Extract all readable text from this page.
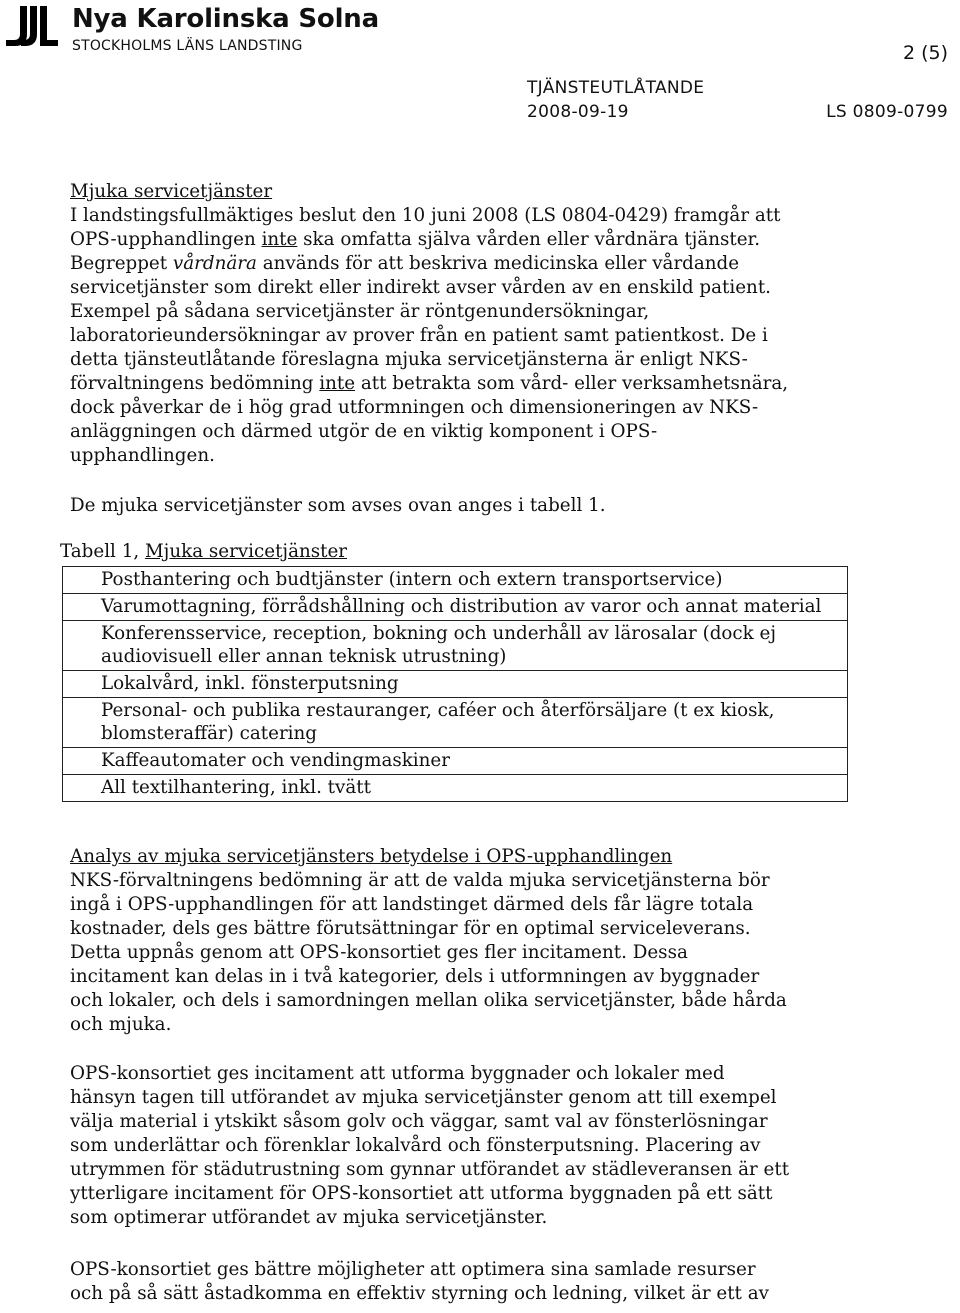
Nya Karolinska Solna
STOCKHOLMS LÄNS LANDSTING	2 (5)
TJÄNSTEUTLÅTANDE
2008-09-19	LS 0809-0799
Mjuka servicetjänster

I landstingsfullmäktiges beslut den 10 juni 2008 (LS 0804-0429) framgår att OPS-upphandlingen inte ska omfatta själva vården eller vårdnära tjänster. Begreppet vårdnära används för att beskriva medicinska eller vårdande servicetjänster som direkt eller indirekt avser vården av en enskild patient. Exempel på sådana servicetjänster är röntgenundersökningar, laboratorieundersökningar av prover från en patient samt patientkost. De i detta tjänsteutlåtande föreslagna mjuka servicetjänsterna är enligt NKS-förvaltningens bedömning inte att betrakta som vård- eller verksamhetsnära, dock påverkar de i hög grad utformningen och dimensioneringen av NKS-anläggningen och därmed utgör de en viktig komponent i OPS-upphandlingen.

De mjuka servicetjänster som avses ovan anges i tabell 1.

Tabell 1, Mjuka servicetjänster
Posthantering och budtjänster (intern och extern transportservice)
Varumottagning, förrådshållning och distribution av varor och annat material
Konferensservice, reception, bokning och underhåll av lärosalar (dock ej audiovisuell eller annan teknisk utrustning)
Lokalvård, inkl. fönsterputsning
Personal- och publika restauranger, caféer och återförsäljare (t ex kiosk, blomsteraffär) catering
Kaffeautomater och vendingmaskiner
All textilhantering, inkl. tvätt
Analys av mjuka servicetjänsters betydelse i OPS-upphandlingen

NKS-förvaltningens bedömning är att de valda mjuka servicetjänsterna bör ingå i OPS-upphandlingen för att landstinget därmed dels får lägre totala kostnader, dels ges bättre förutsättningar för en optimal serviceleverans. Detta uppnås genom att OPS-konsortiet ges fler incitament. Dessa incitament kan delas in i två kategorier, dels i utformningen av byggnader och lokaler, och dels i samordningen mellan olika servicetjänster, både hårda och mjuka.

OPS-konsortiet ges incitament att utforma byggnader och lokaler med hänsyn tagen till utförandet av mjuka servicetjänster genom att till exempel välja material i ytskikt såsom golv och väggar, samt val av fönsterlösningar som underlättar och förenklar lokalvård och fönsterputsning. Placering av utrymmen för städutrustning som gynnar utförandet av städleveransen är ett ytterligare incitament för OPS-konsortiet att utforma byggnaden på ett sätt som optimerar utförandet av mjuka servicetjänster.

OPS-konsortiet ges bättre möjligheter att optimera sina samlade resurser och på så sätt åstadkomma en effektiv styrning och ledning, vilket är ett av
